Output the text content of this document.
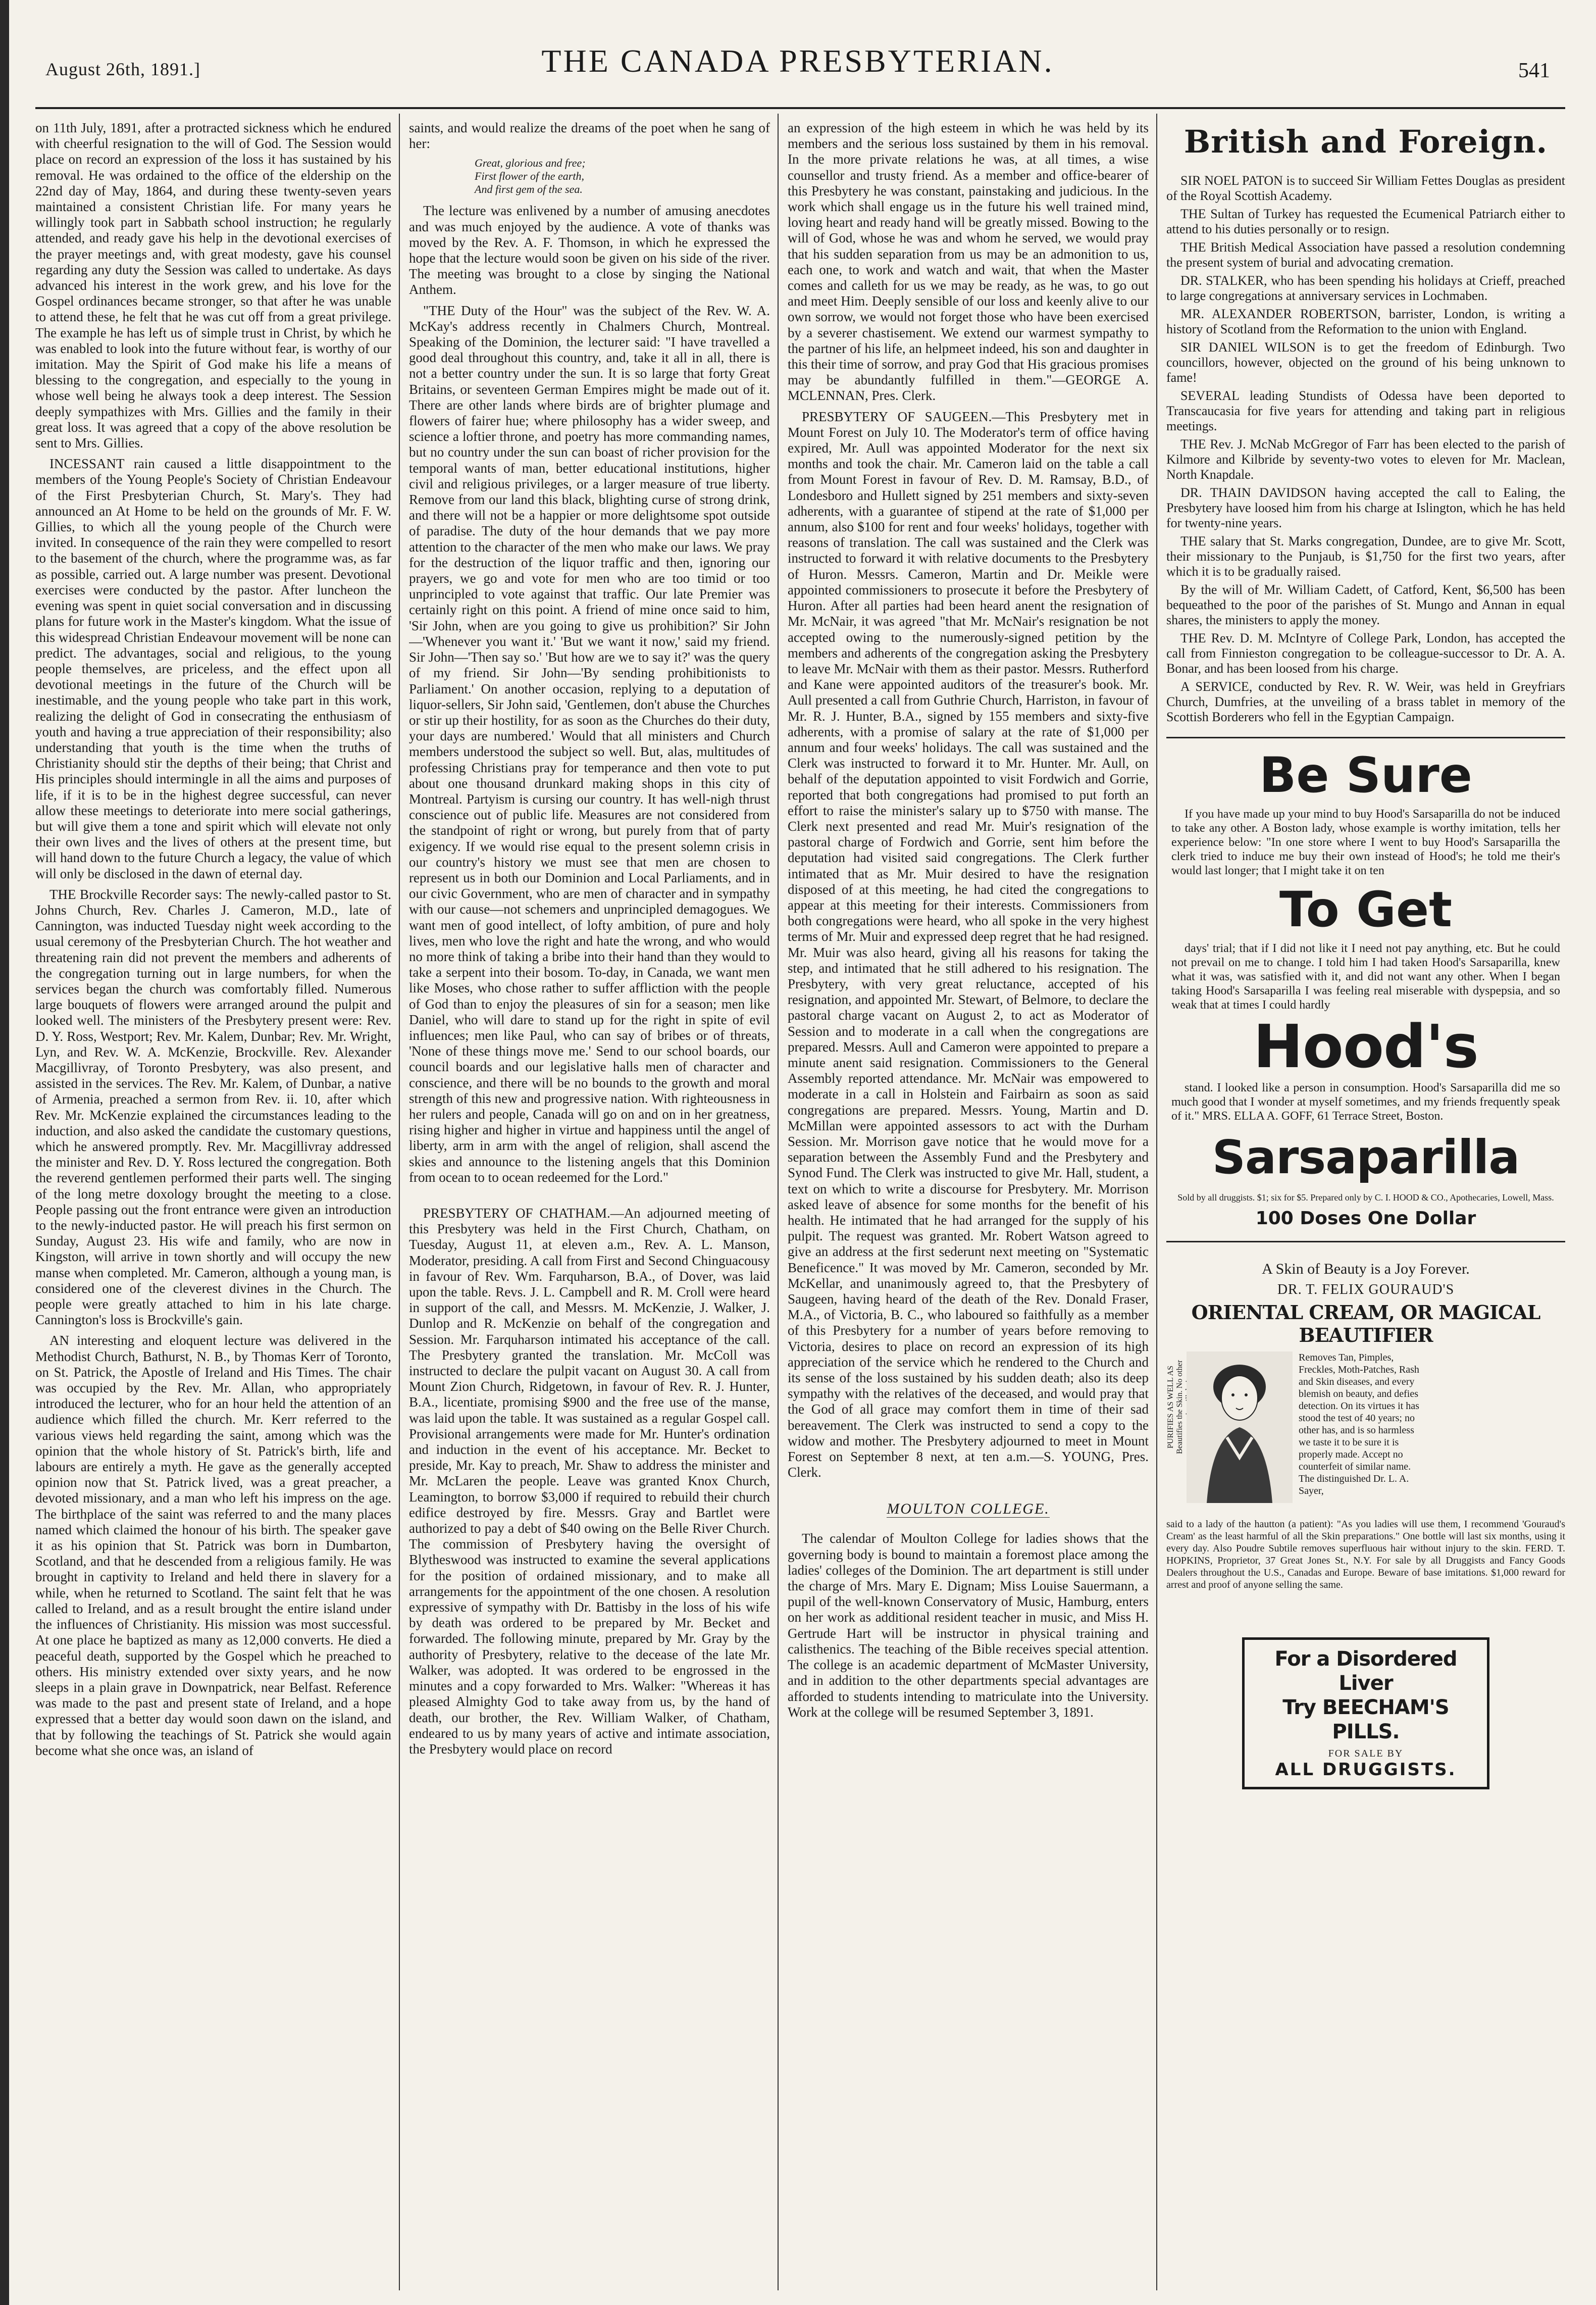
August 26th, 1891.]	THE CANADA PRESBYTERIAN.	541

on 11th July, 1891, after a protracted sickness which he endured with cheerful resignation to the will of God. The Session would place on record an expression of the loss it has sustained by his removal. He was ordained to the office of the eldership on the 22nd day of May, 1864, and during these twenty-seven years maintained a consistent Christian life. For many years he willingly took part in Sabbath school instruction; he regularly attended, and ready gave his help in the devotional exercises of the prayer meetings and, with great modesty, gave his counsel regarding any duty the Session was called to undertake. As days advanced his interest in the work grew, and his love for the Gospel ordinances became stronger, so that after he was unable to attend these, he felt that he was cut off from a great privilege. The example he has left us of simple trust in Christ, by which he was enabled to look into the future without fear, is worthy of our imitation. May the Spirit of God make his life a means of blessing to the congregation, and especially to the young in whose well being he always took a deep interest. The Session deeply sympathizes with Mrs. Gillies and the family in their great loss. It was agreed that a copy of the above resolution be sent to Mrs. Gillies.

INCESSANT rain caused a little disappointment to the members of the Young People's Society of Christian Endeavour of the First Presbyterian Church, St. Mary's. They had announced an At Home to be held on the grounds of Mr. F. W. Gillies, to which all the young people of the Church were invited. In consequence of the rain they were compelled to resort to the basement of the church, where the programme was, as far as possible, carried out. A large number was present. Devotional exercises were conducted by the pastor. After luncheon the evening was spent in quiet social conversation and in discussing plans for future work in the Master's kingdom. What the issue of this widespread Christian Endeavour movement will be none can predict. The advantages, social and religious, to the young people themselves, are priceless, and the effect upon all devotional meetings in the future of the Church will be inestimable, and the young people who take part in this work, realizing the delight of God in consecrating the enthusiasm of youth and having a true appreciation of their responsibility; also understanding that youth is the time when the truths of Christianity should stir the depths of their being; that Christ and His principles should intermingle in all the aims and purposes of life, if it is to be in the highest degree successful, can never allow these meetings to deteriorate into mere social gatherings, but will give them a tone and spirit which will elevate not only their own lives and the lives of others at the present time, but will hand down to the future Church a legacy, the value of which will only be disclosed in the dawn of eternal day.

THE Brockville Recorder says: The newly-called pastor to St. Johns Church, Rev. Charles J. Cameron, M.D., late of Cannington, was inducted Tuesday night week according to the usual ceremony of the Presbyterian Church. The hot weather and threatening rain did not prevent the members and adherents of the congregation turning out in large numbers, for when the services began the church was comfortably filled. Numerous large bouquets of flowers were arranged around the pulpit and looked well. The ministers of the Presbytery present were: Rev. D. Y. Ross, Westport; Rev. Mr. Kalem, Dunbar; Rev. Mr. Wright, Lyn, and Rev. W. A. McKenzie, Brockville. Rev. Alexander Macgillivray, of Toronto Presbytery, was also present, and assisted in the services. The Rev. Mr. Kalem, of Dunbar, a native of Armenia, preached a sermon from Rev. ii. 10, after which Rev. Mr. McKenzie explained the circumstances leading to the induction, and also asked the candidate the customary questions, which he answered promptly. Rev. Mr. Macgillivray addressed the minister and Rev. D. Y. Ross lectured the congregation. Both the reverend gentlemen performed their parts well. The singing of the long metre doxology brought the meeting to a close. People passing out the front entrance were given an introduction to the newly-inducted pastor. He will preach his first sermon on Sunday, August 23. His wife and family, who are now in Kingston, will arrive in town shortly and will occupy the new manse when completed. Mr. Cameron, although a young man, is considered one of the cleverest divines in the Church. The people were greatly attached to him in his late charge. Cannington's loss is Brockville's gain.

AN interesting and eloquent lecture was delivered in the Methodist Church, Bathurst, N. B., by Thomas Kerr of Toronto, on St. Patrick, the Apostle of Ireland and His Times. The chair was occupied by the Rev. Mr. Allan, who appropriately introduced the lecturer, who for an hour held the attention of an audience which filled the church. Mr. Kerr referred to the various views held regarding the saint, among which was the opinion that the whole history of St. Patrick's birth, life and labours are entirely a myth. He gave as the generally accepted opinion now that St. Patrick lived, was a great preacher, a devoted missionary, and a man who left his impress on the age. The birthplace of the saint was referred to and the many places named which claimed the honour of his birth. The speaker gave it as his opinion that St. Patrick was born in Dumbarton, Scotland, and that he descended from a religious family. He was brought in captivity to Ireland and held there in slavery for a while, when he returned to Scotland. The saint felt that he was called to Ireland, and as a result brought the entire island under the influences of Christianity. His mission was most successful. At one place he baptized as many as 12,000 converts. He died a peaceful death, supported by the Gospel which he preached to others. His ministry extended over sixty years, and he now sleeps in a plain grave in Downpatrick, near Belfast. Reference was made to the past and present state of Ireland, and a hope expressed that a better day would soon dawn on the island, and that by following the teachings of St. Patrick she would again become what she once was, an island of

saints, and would realize the dreams of the poet when he sang of her:

Great, glorious and free;
First flower of the earth,
And first gem of the sea.

The lecture was enlivened by a number of amusing anecdotes and was much enjoyed by the audience. A vote of thanks was moved by the Rev. A. F. Thomson, in which he expressed the hope that the lecture would soon be given on his side of the river. The meeting was brought to a close by singing the National Anthem.

"THE Duty of the Hour" was the subject of the Rev. W. A. McKay's address recently in Chalmers Church, Montreal. Speaking of the Dominion, the lecturer said: "I have travelled a good deal throughout this country, and, take it all in all, there is not a better country under the sun. It is so large that forty Great Britains, or seventeen German Empires might be made out of it. There are other lands where birds are of brighter plumage and flowers of fairer hue; where philosophy has a wider sweep, and science a loftier throne, and poetry has more commanding names, but no country under the sun can boast of richer provision for the temporal wants of man, better educational institutions, higher civil and religious privileges, or a larger measure of true liberty. Remove from our land this black, blighting curse of strong drink, and there will not be a happier or more delightsome spot outside of paradise. The duty of the hour demands that we pay more attention to the character of the men who make our laws. We pray for the destruction of the liquor traffic and then, ignoring our prayers, we go and vote for men who are too timid or too unprincipled to vote against that traffic. Our late Premier was certainly right on this point. A friend of mine once said to him, 'Sir John, when are you going to give us prohibition?' Sir John—'Whenever you want it.' 'But we want it now,' said my friend. Sir John—'Then say so.' 'But how are we to say it?' was the query of my friend. Sir John—'By sending prohibitionists to Parliament.' On another occasion, replying to a deputation of liquor-sellers, Sir John said, 'Gentlemen, don't abuse the Churches or stir up their hostility, for as soon as the Churches do their duty, your days are numbered.' Would that all ministers and Church members understood the subject so well. But, alas, multitudes of professing Christians pray for temperance and then vote to put about one thousand drunkard making shops in this city of Montreal. Partyism is cursing our country. It has well-nigh thrust conscience out of public life. Measures are not considered from the standpoint of right or wrong, but purely from that of party exigency. If we would rise equal to the present solemn crisis in our country's history we must see that men are chosen to represent us in both our Dominion and Local Parliaments, and in our civic Government, who are men of character and in sympathy with our cause—not schemers and unprincipled demagogues. We want men of good intellect, of lofty ambition, of pure and holy lives, men who love the right and hate the wrong, and who would no more think of taking a bribe into their hand than they would to take a serpent into their bosom. To-day, in Canada, we want men like Moses, who chose rather to suffer affliction with the people of God than to enjoy the pleasures of sin for a season; men like Daniel, who will dare to stand up for the right in spite of evil influences; men like Paul, who can say of bribes or of threats, 'None of these things move me.' Send to our school boards, our council boards and our legislative halls men of character and conscience, and there will be no bounds to the growth and moral strength of this new and progressive nation. With righteousness in her rulers and people, Canada will go on and on in her greatness, rising higher and higher in virtue and happiness until the angel of liberty, arm in arm with the angel of religion, shall ascend the skies and announce to the listening angels that this Dominion from ocean to to ocean redeemed for the Lord."

PRESBYTERY OF CHATHAM.—An adjourned meeting of this Presbytery was held in the First Church, Chatham, on Tuesday, August 11, at eleven a.m., Rev. A. L. Manson, Moderator, presiding. A call from First and Second Chinguacousy in favour of Rev. Wm. Farquharson, B.A., of Dover, was laid upon the table. Revs. J. L. Campbell and R. M. Croll were heard in support of the call, and Messrs. M. McKenzie, J. Walker, J. Dunlop and R. McKenzie on behalf of the congregation and Session. Mr. Farquharson intimated his acceptance of the call. The Presbytery granted the translation. Mr. McColl was instructed to declare the pulpit vacant on August 30. A call from Mount Zion Church, Ridgetown, in favour of Rev. R. J. Hunter, B.A., licentiate, promising $900 and the free use of the manse, was laid upon the table. It was sustained as a regular Gospel call. Provisional arrangements were made for Mr. Hunter's ordination and induction in the event of his acceptance. Mr. Becket to preside, Mr. Kay to preach, Mr. Shaw to address the minister and Mr. McLaren the people. Leave was granted Knox Church, Leamington, to borrow $3,000 if required to rebuild their church edifice destroyed by fire. Messrs. Gray and Bartlet were authorized to pay a debt of $40 owing on the Belle River Church. The commission of Presbytery having the oversight of Blytheswood was instructed to examine the several applications for the position of ordained missionary, and to make all arrangements for the appointment of the one chosen. A resolution expressive of sympathy with Dr. Battisby in the loss of his wife by death was ordered to be prepared by Mr. Becket and forwarded. The following minute, prepared by Mr. Gray by the authority of Presbytery, relative to the decease of the late Mr. Walker, was adopted. It was ordered to be engrossed in the minutes and a copy forwarded to Mrs. Walker: "Whereas it has pleased Almighty God to take away from us, by the hand of death, our brother, the Rev. William Walker, of Chatham, endeared to us by many years of active and intimate association, the Presbytery would place on record

an expression of the high esteem in which he was held by its members and the serious loss sustained by them in his removal. In the more private relations he was, at all times, a wise counsellor and trusty friend. As a member and office-bearer of this Presbytery he was constant, painstaking and judicious. In the work which shall engage us in the future his well trained mind, loving heart and ready hand will be greatly missed. Bowing to the will of God, whose he was and whom he served, we would pray that his sudden separation from us may be an admonition to us, each one, to work and watch and wait, that when the Master comes and calleth for us we may be ready, as he was, to go out and meet Him. Deeply sensible of our loss and keenly alive to our own sorrow, we would not forget those who have been exercised by a severer chastisement. We extend our warmest sympathy to the partner of his life, an helpmeet indeed, his son and daughter in this their time of sorrow, and pray God that His gracious promises may be abundantly fulfilled in them."—GEORGE A. MCLENNAN, Pres. Clerk.

PRESBYTERY OF SAUGEEN.—This Presbytery met in Mount Forest on July 10. The Moderator's term of office having expired, Mr. Aull was appointed Moderator for the next six months and took the chair. Mr. Cameron laid on the table a call from Mount Forest in favour of Rev. D. M. Ramsay, B.D., of Londesboro and Hullett signed by 251 members and sixty-seven adherents, with a guarantee of stipend at the rate of $1,000 per annum, also $100 for rent and four weeks' holidays, together with reasons of translation. The call was sustained and the Clerk was instructed to forward it with relative documents to the Presbytery of Huron. Messrs. Cameron, Martin and Dr. Meikle were appointed commissioners to prosecute it before the Presbytery of Huron. After all parties had been heard anent the resignation of Mr. McNair, it was agreed "that Mr. McNair's resignation be not accepted owing to the numerously-signed petition by the members and adherents of the congregation asking the Presbytery to leave Mr. McNair with them as their pastor. Messrs. Rutherford and Kane were appointed auditors of the treasurer's book. Mr. Aull presented a call from Guthrie Church, Harriston, in favour of Mr. R. J. Hunter, B.A., signed by 155 members and sixty-five adherents, with a promise of salary at the rate of $1,000 per annum and four weeks' holidays. The call was sustained and the Clerk was instructed to forward it to Mr. Hunter. Mr. Aull, on behalf of the deputation appointed to visit Fordwich and Gorrie, reported that both congregations had promised to put forth an effort to raise the minister's salary up to $750 with manse. The Clerk next presented and read Mr. Muir's resignation of the pastoral charge of Fordwich and Gorrie, sent him before the deputation had visited said congregations. The Clerk further intimated that as Mr. Muir desired to have the resignation disposed of at this meeting, he had cited the congregations to appear at this meeting for their interests. Commissioners from both congregations were heard, who all spoke in the very highest terms of Mr. Muir and expressed deep regret that he had resigned. Mr. Muir was also heard, giving all his reasons for taking the step, and intimated that he still adhered to his resignation. The Presbytery, with very great reluctance, accepted of his resignation, and appointed Mr. Stewart, of Belmore, to declare the pastoral charge vacant on August 2, to act as Moderator of Session and to moderate in a call when the congregations are prepared. Messrs. Aull and Cameron were appointed to prepare a minute anent said resignation. Commissioners to the General Assembly reported attendance. Mr. McNair was empowered to moderate in a call in Holstein and Fairbairn as soon as said congregations are prepared. Messrs. Young, Martin and D. McMillan were appointed assessors to act with the Durham Session. Mr. Morrison gave notice that he would move for a separation between the Assembly Fund and the Presbytery and Synod Fund. The Clerk was instructed to give Mr. Hall, student, a text on which to write a discourse for Presbytery. Mr. Morrison asked leave of absence for some months for the benefit of his health. He intimated that he had arranged for the supply of his pulpit. The request was granted. Mr. Robert Watson agreed to give an address at the first sederunt next meeting on "Systematic Beneficence." It was moved by Mr. Cameron, seconded by Mr. McKellar, and unanimously agreed to, that the Presbytery of Saugeen, having heard of the death of the Rev. Donald Fraser, M.A., of Victoria, B. C., who laboured so faithfully as a member of this Presbytery for a number of years before removing to Victoria, desires to place on record an expression of its high appreciation of the service which he rendered to the Church and its sense of the loss sustained by his sudden death; also its deep sympathy with the relatives of the deceased, and would pray that the God of all grace may comfort them in time of their sad bereavement. The Clerk was instructed to send a copy to the widow and mother. The Presbytery adjourned to meet in Mount Forest on September 8 next, at ten a.m.—S. YOUNG, Pres. Clerk.

MOULTON COLLEGE.

The calendar of Moulton College for ladies shows that the governing body is bound to maintain a foremost place among the ladies' colleges of the Dominion. The art department is still under the charge of Mrs. Mary E. Dignam; Miss Louise Sauermann, a pupil of the well-known Conservatory of Music, Hamburg, enters on her work as additional resident teacher in music, and Miss H. Gertrude Hart will be instructor in physical training and calisthenics. The teaching of the Bible receives special attention. The college is an academic department of McMaster University, and in addition to the other departments special advantages are afforded to students intending to matriculate into the University. Work at the college will be resumed September 3, 1891.

British and Foreign.

SIR NOEL PATON is to succeed Sir William Fettes Douglas as president of the Royal Scottish Academy.

THE Sultan of Turkey has requested the Ecumenical Patriarch either to attend to his duties personally or to resign.

THE British Medical Association have passed a resolution condemning the present system of burial and advocating cremation.

DR. STALKER, who has been spending his holidays at Crieff, preached to large congregations at anniversary services in Lochmaben.

MR. ALEXANDER ROBERTSON, barrister, London, is writing a history of Scotland from the Reformation to the union with England.

SIR DANIEL WILSON is to get the freedom of Edinburgh. Two councillors, however, objected on the ground of his being unknown to fame!

SEVERAL leading Stundists of Odessa have been deported to Transcaucasia for five years for attending and taking part in religious meetings.

THE Rev. J. McNab McGregor of Farr has been elected to the parish of Kilmore and Kilbride by seventy-two votes to eleven for Mr. Maclean, North Knapdale.

DR. THAIN DAVIDSON having accepted the call to Ealing, the Presbytery have loosed him from his charge at Islington, which he has held for twenty-nine years.

THE salary that St. Marks congregation, Dundee, are to give Mr. Scott, their missionary to the Punjaub, is $1,750 for the first two years, after which it is to be gradually raised.

By the will of Mr. William Cadett, of Catford, Kent, $6,500 has been bequeathed to the poor of the parishes of St. Mungo and Annan in equal shares, the ministers to apply the money.

THE Rev. D. M. McIntyre of College Park, London, has accepted the call from Finnieston congregation to be colleague-successor to Dr. A. A. Bonar, and has been loosed from his charge.

A SERVICE, conducted by Rev. R. W. Weir, was held in Greyfriars Church, Dumfries, at the unveiling of a brass tablet in memory of the Scottish Borderers who fell in the Egyptian Campaign.

Be Sure
If you have made up your mind to buy Hood's Sarsaparilla do not be induced to take any other. A Boston lady, whose example is worthy imitation, tells her experience below: "In one store where I went to buy Hood's Sarsaparilla the clerk tried to induce me buy their own instead of Hood's; he told me their's would last longer; that I might take it on ten
To Get
days' trial; that if I did not like it I need not pay anything, etc. But he could not prevail on me to change. I told him I had taken Hood's Sarsaparilla, knew what it was, was satisfied with it, and did not want any other. When I began taking Hood's Sarsaparilla I was feeling real miserable with dyspepsia, and so weak that at times I could hardly
Hood's
stand. I looked like a person in consumption. Hood's Sarsaparilla did me so much good that I wonder at myself sometimes, and my friends frequently speak of it." MRS. ELLA A. GOFF, 61 Terrace Street, Boston.
Sarsaparilla
Sold by all druggists. $1; six for $5. Prepared only by C. I. HOOD & CO., Apothecaries, Lowell, Mass.
100 Doses One Dollar
A Skin of Beauty is a Joy Forever.
DR. T. FELIX GOURAUD'S
ORIENTAL CREAM, OR MAGICAL BEAUTIFIER
PURIFIES AS WELL AS Beautifies the Skin. No other
Removes Tan, Pimples, Freckles, Moth-Patches, Rash and Skin diseases, and every blemish on beauty, and defies detection. On its virtues it has stood the test of 40 years; no other has, and is so harmless we taste it to be sure it is properly made. Accept no counterfeit of similar name. The distinguished Dr. L. A. Sayer,
said to a lady of the hautton (a patient): "As you ladies will use them, I recommend 'Gouraud's Cream' as the least harmful of all the Skin preparations." One bottle will last six months, using it every day. Also Poudre Subtile removes superfluous hair without injury to the skin. FERD. T. HOPKINS, Proprietor, 37 Great Jones St., N.Y. For sale by all Druggists and Fancy Goods Dealers throughout the U.S., Canadas and Europe. Beware of base imitations. $1,000 reward for arrest and proof of anyone selling the same.
For a Disordered Liver
Try BEECHAM'S PILLS.
FOR SALE BY
ALL DRUGGISTS.
